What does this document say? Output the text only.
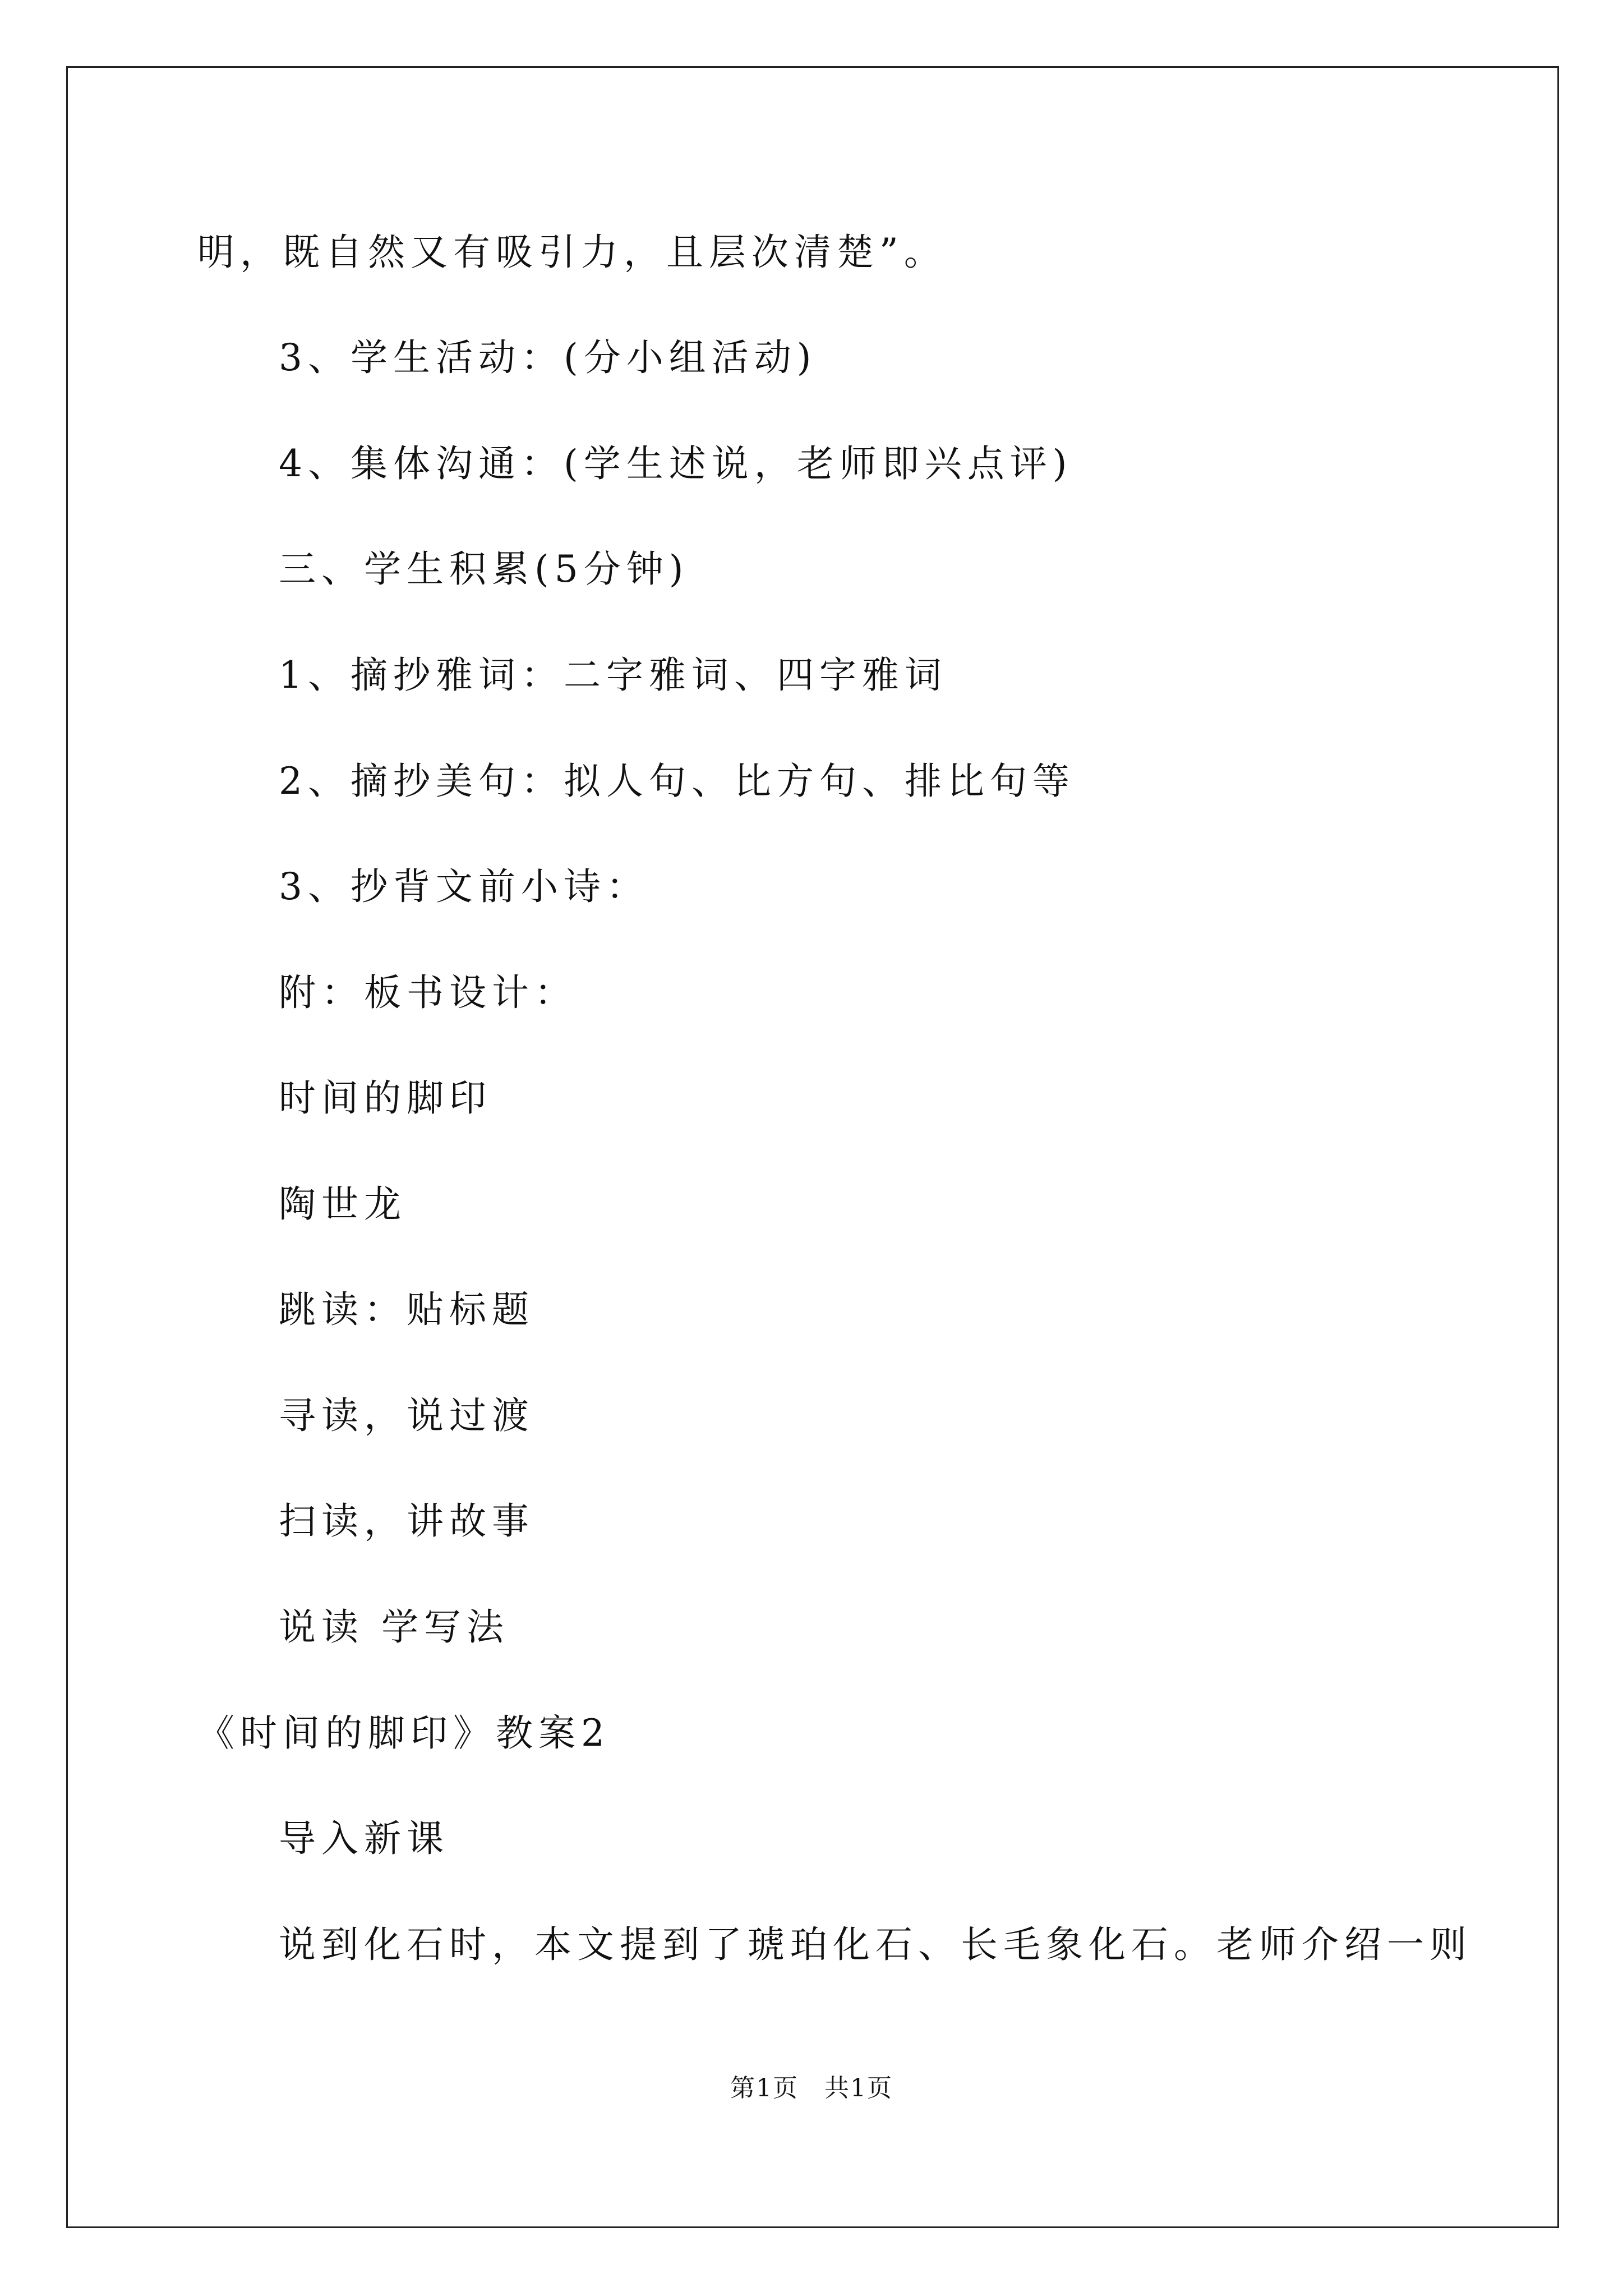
明，既自然又有吸引力，且层次清楚”。
3、学生活动：(分小组活动)
4、集体沟通：(学生述说，老师即兴点评)
三、学生积累(5分钟)
1、摘抄雅词：二字雅词、四字雅词
2、摘抄美句：拟人句、比方句、排比句等
3、抄背文前小诗：
附：板书设计：
时间的脚印
陶世龙
跳读：贴标题
寻读，说过渡
扫读，讲故事
说读 学写法
《时间的脚印》教案2
导入新课
说到化石时，本文提到了琥珀化石、长毛象化石。老师介绍一则
第1页　共1页
